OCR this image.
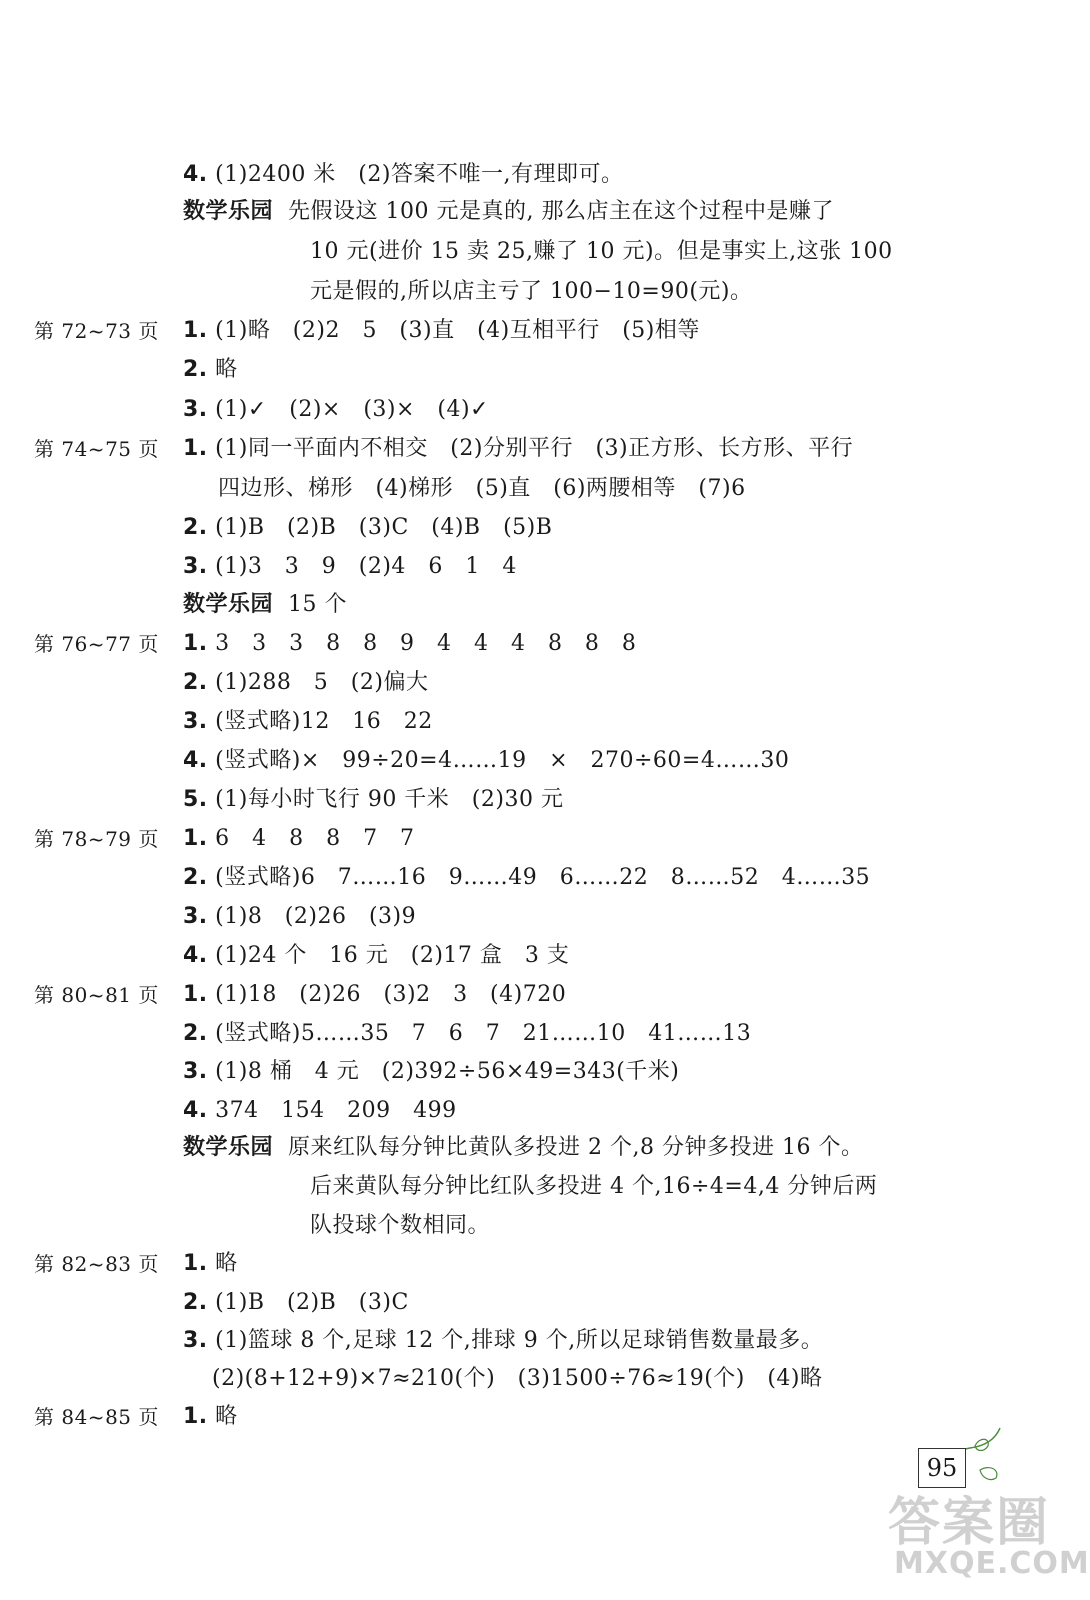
4. (1)2400 米   (2)答案不唯一,有理即可。
数学乐园  先假设这 100 元是真的, 那么店主在这个过程中是赚了
10 元(进价 15 卖 25,赚了 10 元)。但是事实上,这张 100
元是假的,所以店主亏了 100−10=90(元)。
第 72~73 页 1. (1)略   (2)2   5   (3)直   (4)互相平行   (5)相等
2. 略
3. (1)✓   (2)×   (3)×   (4)✓
第 74~75 页 1. (1)同一平面内不相交   (2)分别平行   (3)正方形、长方形、平行
四边形、梯形   (4)梯形   (5)直   (6)两腰相等   (7)6
2. (1)B   (2)B   (3)C   (4)B   (5)B
3. (1)3   3   9   (2)4   6   1   4
数学乐园  15 个
第 76~77 页 1. 3   3   3   8   8   9   4   4   4   8   8   8
2. (1)288   5   (2)偏大
3. (竖式略)12   16   22
4. (竖式略)×   99÷20=4……19   ×   270÷60=4……30
5. (1)每小时飞行 90 千米   (2)30 元
第 78~79 页 1. 6   4   8   8   7   7
2. (竖式略)6   7……16   9……49   6……22   8……52   4……35
3. (1)8   (2)26   (3)9
4. (1)24 个   16 元   (2)17 盒   3 支
第 80~81 页 1. (1)18   (2)26   (3)2   3   (4)720
2. (竖式略)5……35   7   6   7   21……10   41……13
3. (1)8 桶   4 元   (2)392÷56×49=343(千米)
4. 374   154   209   499
数学乐园  原来红队每分钟比黄队多投进 2 个,8 分钟多投进 16 个。
后来黄队每分钟比红队多投进 4 个,16÷4=4,4 分钟后两
队投球个数相同。
第 82~83 页 1. 略
2. (1)B   (2)B   (3)C
3. (1)篮球 8 个,足球 12 个,排球 9 个,所以足球销售数量最多。
(2)(8+12+9)×7≈210(个)   (3)1500÷76≈19(个)   (4)略
第 84~85 页 1. 略
95
答案圈
MXQE.COM
